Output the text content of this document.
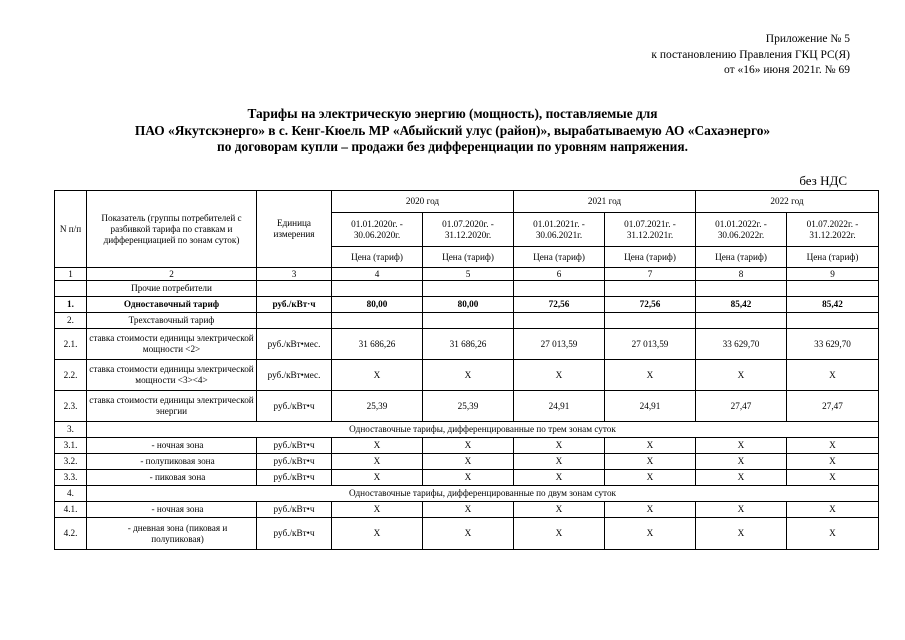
Приложение № 5
к постановлению Правления ГКЦ РС(Я)
от «16» июня 2021г. № 69
Тарифы на электрическую энергию (мощность), поставляемые для
ПАО «Якутскэнерго» в с. Кенг-Кюель МР «Абыйский улус (район)», вырабатываемую АО «Сахаэнерго»
по договорам купли – продажи без дифференциации по уровням напряжения.
без НДС
N п/п	Показатель (группы потребителей с разбивкой тарифа по ставкам и дифференциацией по зонам суток)	Единица измерения	2020 год		2021 год		2022 год	
			01.01.2020г. - 30.06.2020г.	01.07.2020г. - 31.12.2020г.	01.01.2021г. - 30.06.2021г.	01.07.2021г. - 31.12.2021г.	01.01.2022г. - 30.06.2022г.	01.07.2022г. - 31.12.2022г.
			Цена (тариф)	Цена (тариф)	Цена (тариф)	Цена (тариф)	Цена (тариф)	Цена (тариф)
1	2	3	4	5	6	7	8	9
	Прочие потребители							
1.	Одноставочный тариф	руб./кВт·ч	80,00	80,00	72,56	72,56	85,42	85,42
2.	Трехставочный тариф							
2.1.	ставка стоимости единицы электрической мощности <2>	руб./кВт•мес.	31 686,26	31 686,26	27 013,59	27 013,59	33 629,70	33 629,70
2.2.	ставка стоимости единицы электрической мощности <3><4>	руб./кВт•мес.	X	X	X	X	X	X
2.3.	ставка стоимости единицы электрической энергии	руб./кВт•ч	25,39	25,39	24,91	24,91	27,47	27,47
3.	Одноставочные тарифы, дифференцированные по трем зонам суток							
3.1.	- ночная зона	руб./кВт•ч	X	X	X	X	X	X
3.2.	- полупиковая зона	руб./кВт•ч	X	X	X	X	X	X
3.3.	- пиковая зона	руб./кВт•ч	X	X	X	X	X	X
4.	Одноставочные тарифы, дифференцированные по двум зонам суток							
4.1.	- ночная зона	руб./кВт•ч	X	X	X	X	X	X
4.2.	- дневная зона (пиковая и полупиковая)	руб./кВт•ч	X	X	X	X	X	X
